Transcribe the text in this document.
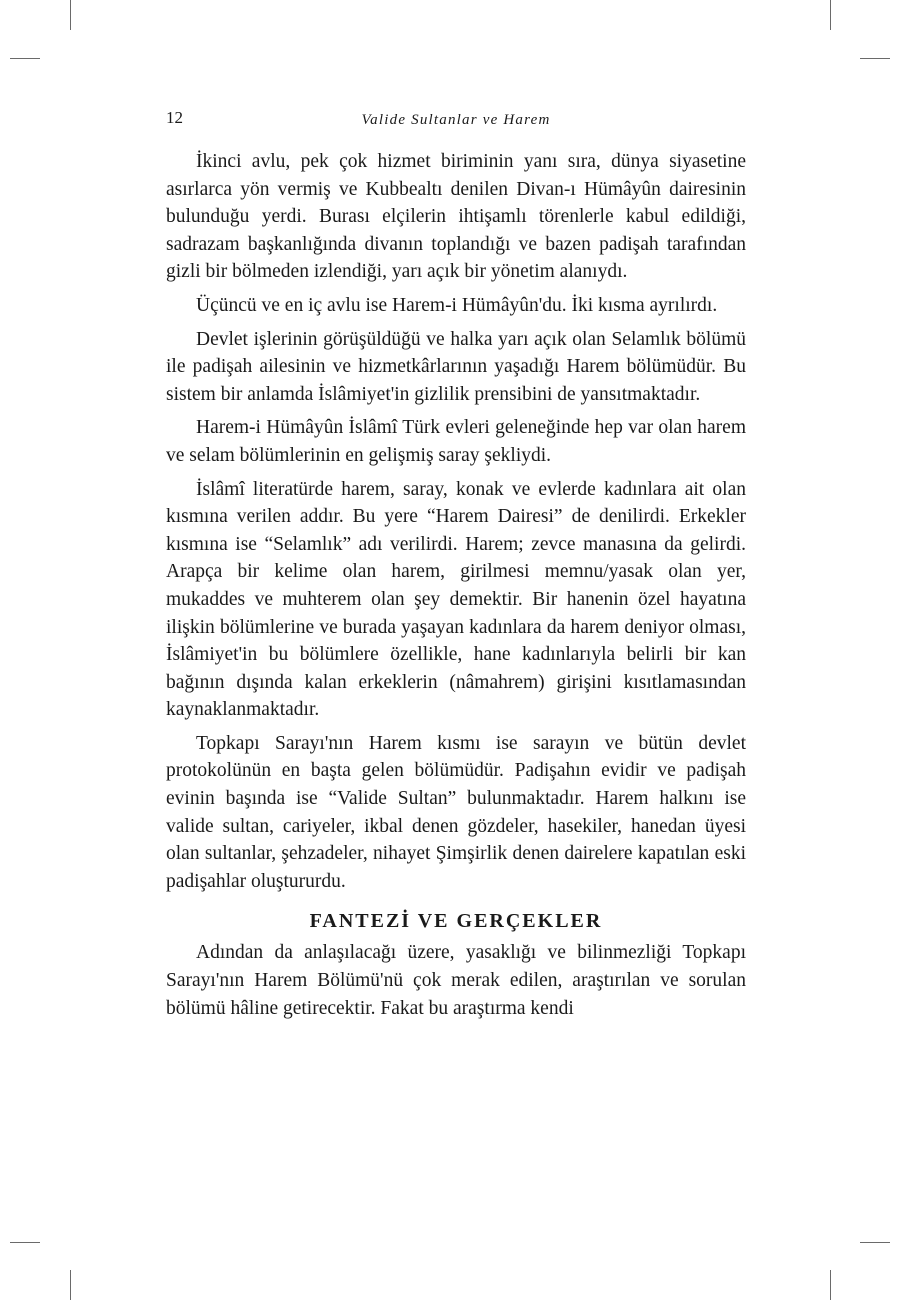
12	Valide Sultanlar ve Harem

İkinci avlu, pek çok hizmet biriminin yanı sıra, dünya siyasetine asırlarca yön vermiş ve Kubbealtı denilen Divan-ı Hümâyûn dairesinin bulunduğu yerdi. Burası elçilerin ihtişamlı törenlerle kabul edildiği, sadrazam başkanlığında divanın toplandığı ve bazen padişah tarafından gizli bir bölmeden izlendiği, yarı açık bir yönetim alanıydı.

Üçüncü ve en iç avlu ise Harem-i Hümâyûn'du. İki kısma ayrılırdı.

Devlet işlerinin görüşüldüğü ve halka yarı açık olan Selamlık bölümü ile padişah ailesinin ve hizmetkârlarının yaşadığı Harem bölümüdür. Bu sistem bir anlamda İslâmiyet'in gizlilik prensibini de yansıtmaktadır.

Harem-i Hümâyûn İslâmî Türk evleri geleneğinde hep var olan harem ve selam bölümlerinin en gelişmiş saray şekliydi.

İslâmî literatürde harem, saray, konak ve evlerde kadınlara ait olan kısmına verilen addır. Bu yere “Harem Dairesi” de denilirdi. Erkekler kısmına ise “Selamlık” adı verilirdi. Harem; zevce manasına da gelirdi. Arapça bir kelime olan harem, girilmesi memnu/yasak olan yer, mukaddes ve muhterem olan şey demektir. Bir hanenin özel hayatına ilişkin bölümlerine ve burada yaşayan kadınlara da harem deniyor olması, İslâmiyet'in bu bölümlere özellikle, hane kadınlarıyla belirli bir kan bağının dışında kalan erkeklerin (nâmahrem) girişini kısıtlamasından kaynaklanmaktadır.

Topkapı Sarayı'nın Harem kısmı ise sarayın ve bütün devlet protokolünün en başta gelen bölümüdür. Padişahın evidir ve padişah evinin başında ise “Valide Sultan” bulunmaktadır. Harem halkını ise valide sultan, cariyeler, ikbal denen gözdeler, hasekiler, hanedan üyesi olan sultanlar, şehzadeler, nihayet Şimşirlik denen dairelere kapatılan eski padişahlar oluştururdu.

FANTEZİ VE GERÇEKLER

Adından da anlaşılacağı üzere, yasaklığı ve bilinmezliği Topkapı Sarayı'nın Harem Bölümü'nü çok merak edilen, araştırılan ve sorulan bölümü hâline getirecektir. Fakat bu araştırma kendi
